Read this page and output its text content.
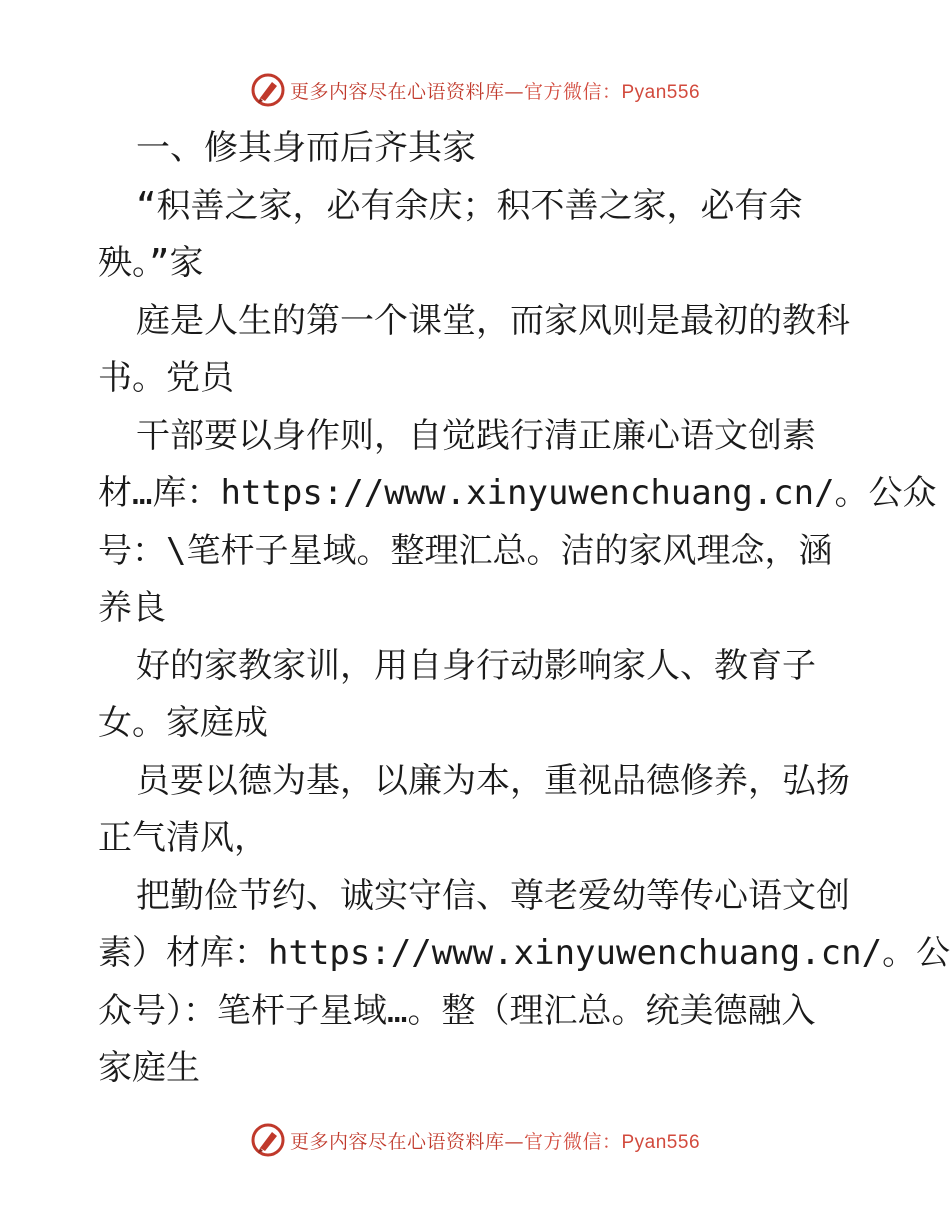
更多内容尽在心语资料库—官方微信：Pyan556
一、修其身而后齐其家
“积善之家，必有余庆；积不善之家，必有余
殃。”家
庭是人生的第一个课堂，而家风则是最初的教科
书。党员
干部要以身作则，自觉践行清正廉心语文创素
材…库：https://www.xinyuwenchuang.cn/。公众
号：\笔杆子星域。整理汇总。洁的家风理念，涵
养良
好的家教家训，用自身行动影响家人、教育子
女。家庭成
员要以德为基，以廉为本，重视品德修养，弘扬
正气清风，
把勤俭节约、诚实守信、尊老爱幼等传心语文创
素）材库：https://www.xinyuwenchuang.cn/。公
众号）：笔杆子星域…。整（理汇总。统美德融入
家庭生
更多内容尽在心语资料库—官方微信：Pyan556
